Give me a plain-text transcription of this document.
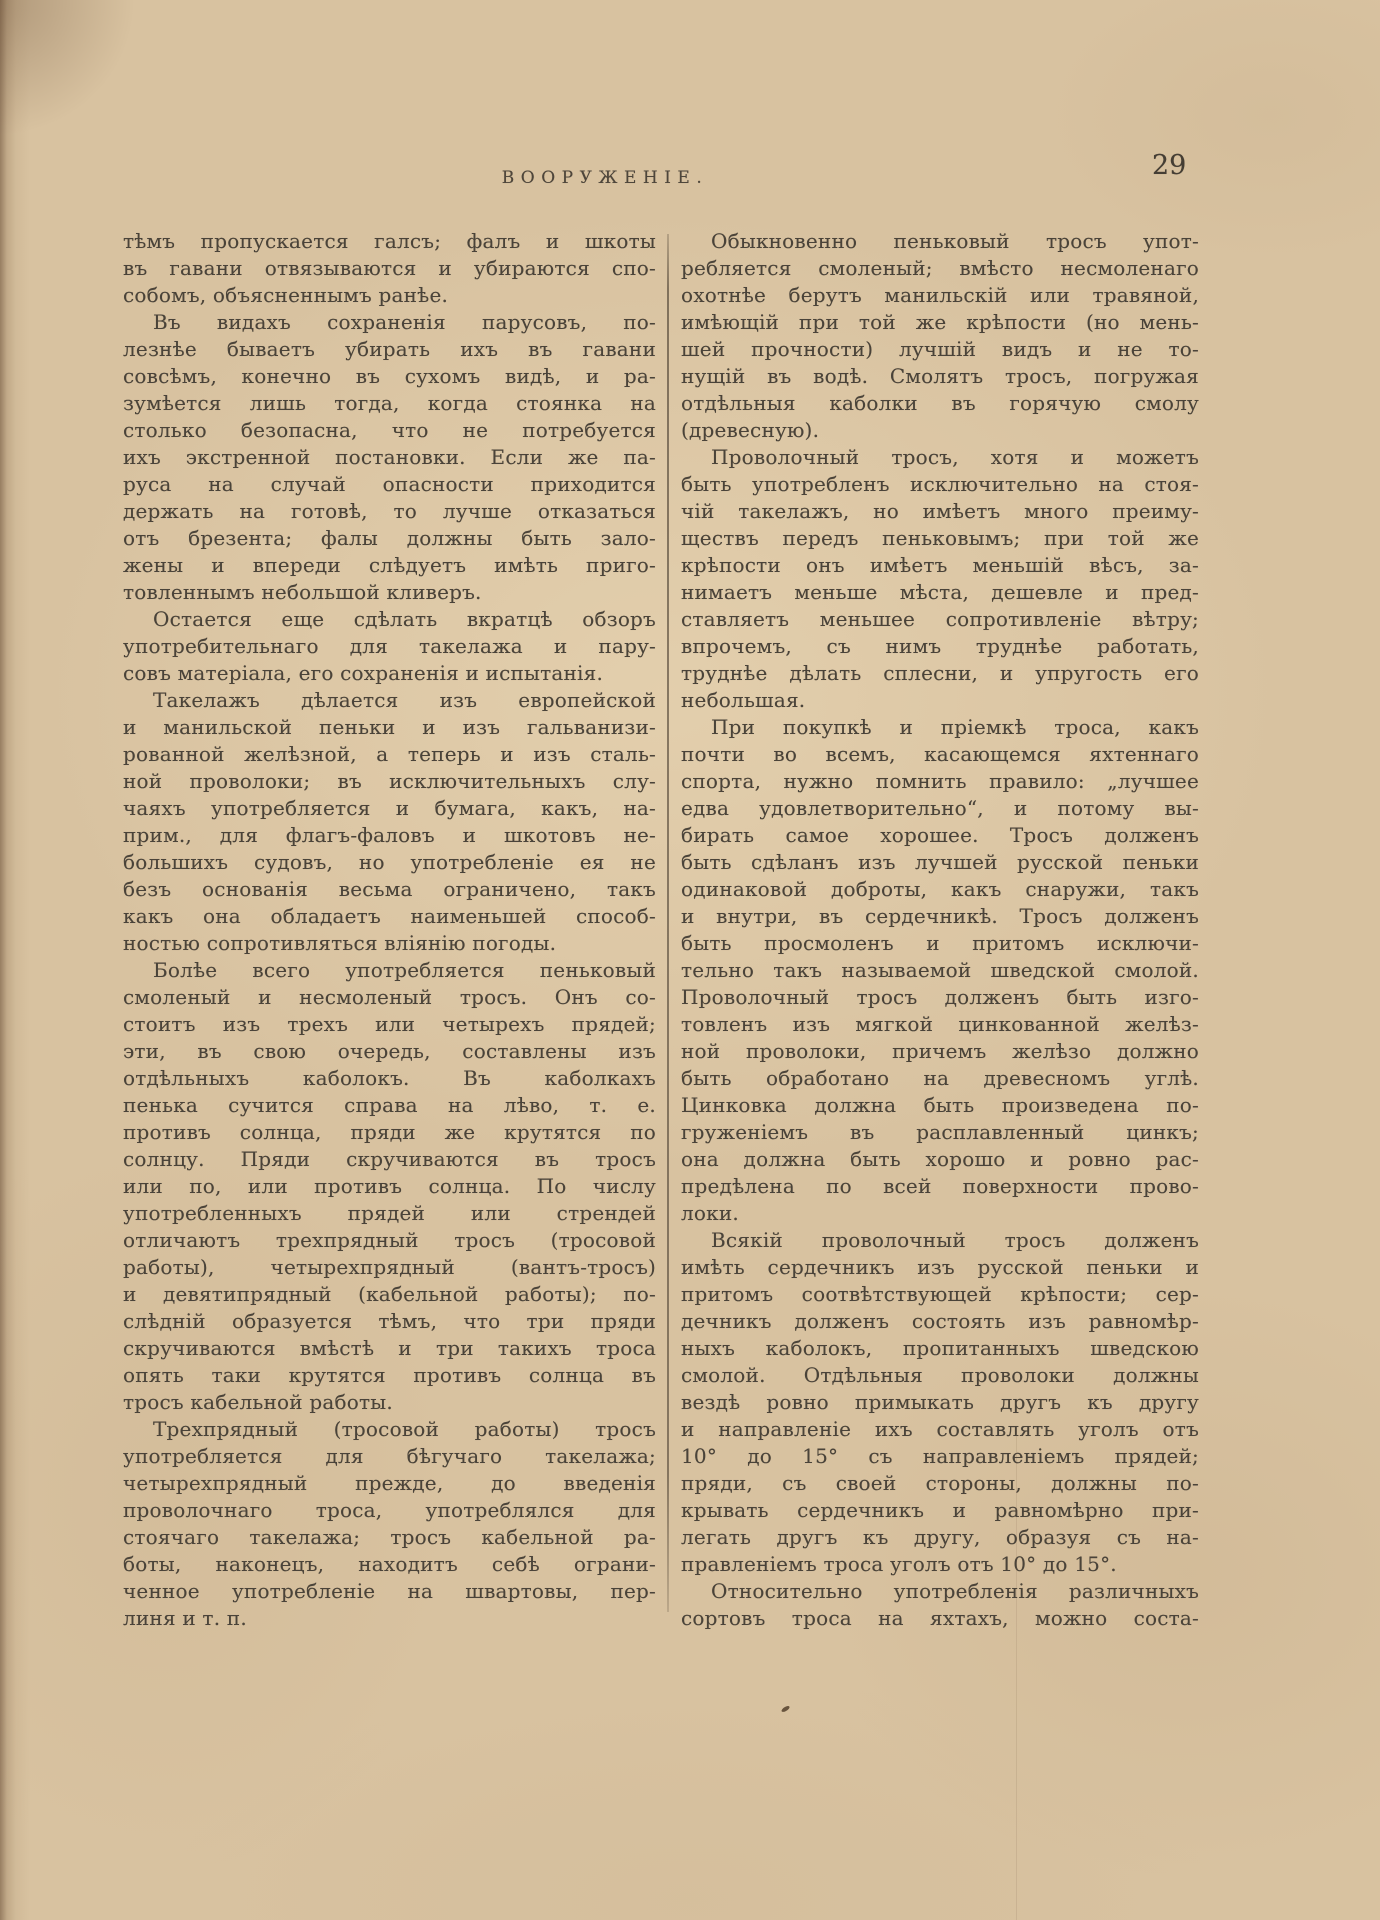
ВООРУЖЕНІЕ.	29
тѣмъ пропускается галсъ; фалъ и шкоты
въ гавани отвязываются и убираются спо-
собомъ, объясненнымъ ранѣе.
Въ видахъ сохраненія парусовъ, по-
лезнѣе бываетъ убирать ихъ въ гавани
совсѣмъ, конечно въ сухомъ видѣ, и ра-
зумѣется лишь тогда, когда стоянка на
столько безопасна, что не потребуется
ихъ экстренной постановки. Если же па-
руса на случай опасности приходится
держать на готовѣ, то лучше отказаться
отъ брезента; фалы должны быть зало-
жены и впереди слѣдуетъ имѣть приго-
товленнымъ небольшой кливеръ.
Остается еще сдѣлать вкратцѣ обзоръ
употребительнаго для такелажа и пару-
совъ матеріала, его сохраненія и испытанія.
Такелажъ дѣлается изъ европейской
и манильской пеньки и изъ гальванизи-
рованной желѣзной, а теперь и изъ сталь-
ной проволоки; въ исключительныхъ слу-
чаяхъ употребляется и бумага, какъ, на-
прим., для флагъ-фаловъ и шкотовъ не-
большихъ судовъ, но употребленіе ея не
безъ основанія весьма ограничено, такъ
какъ она обладаетъ наименьшей способ-
ностью сопротивляться вліянію погоды.
Болѣе всего употребляется пеньковый
смоленый и несмоленый тросъ. Онъ со-
стоитъ изъ трехъ или четырехъ прядей;
эти, въ свою очередь, составлены изъ
отдѣльныхъ каболокъ. Въ каболкахъ
пенька сучится справа на лѣво, т. е.
противъ солнца, пряди же крутятся по
солнцу. Пряди скручиваются въ тросъ
или по, или противъ солнца. По числу
употребленныхъ прядей или стрендей
отличаютъ трехпрядный тросъ (тросовой
работы), четырехпрядный (вантъ-тросъ)
и девятипрядный (кабельной работы); по-
слѣдній образуется тѣмъ, что три пряди
скручиваются вмѣстѣ и три такихъ троса
опять таки крутятся противъ солнца въ
тросъ кабельной работы.
Трехпрядный (тросовой работы) тросъ
употребляется для бѣгучаго такелажа;
четырехпрядный прежде, до введенія
проволочнаго троса, употреблялся для
стоячаго такелажа; тросъ кабельной ра-
боты, наконецъ, находитъ себѣ ограни-
ченное употребленіе на швартовы, пер-
линя и т. п.
Обыкновенно пеньковый тросъ упот-
ребляется смоленый; вмѣсто несмоленаго
охотнѣе берутъ манильскій или травяной,
имѣющій при той же крѣпости (но мень-
шей прочности) лучшій видъ и не то-
нущій въ водѣ. Смолятъ тросъ, погружая
отдѣльныя каболки въ горячую смолу
(древесную).
Проволочный тросъ, хотя и можетъ
быть употребленъ исключительно на стоя-
чій такелажъ, но имѣетъ много преиму-
ществъ передъ пеньковымъ; при той же
крѣпости онъ имѣетъ меньшій вѣсъ, за-
нимаетъ меньше мѣста, дешевле и пред-
ставляетъ меньшее сопротивленіе вѣтру;
впрочемъ, съ нимъ труднѣе работать,
труднѣе дѣлать сплесни, и упругость его
небольшая.
При покупкѣ и пріемкѣ троса, какъ
почти во всемъ, касающемся яхтеннаго
спорта, нужно помнить правило: „лучшее
едва удовлетворительно“, и потому вы-
бирать самое хорошее. Тросъ долженъ
быть сдѣланъ изъ лучшей русской пеньки
одинаковой доброты, какъ снаружи, такъ
и внутри, въ сердечникѣ. Тросъ долженъ
быть просмоленъ и притомъ исключи-
тельно такъ называемой шведской смолой.
Проволочный тросъ долженъ быть изго-
товленъ изъ мягкой цинкованной желѣз-
ной проволоки, причемъ желѣзо должно
быть обработано на древесномъ углѣ.
Цинковка должна быть произведена по-
груженіемъ въ расплавленный цинкъ;
она должна быть хорошо и ровно рас-
предѣлена по всей поверхности прово-
локи.
Всякій проволочный тросъ долженъ
имѣть сердечникъ изъ русской пеньки и
притомъ соотвѣтствующей крѣпости; сер-
дечникъ долженъ состоять изъ равномѣр-
ныхъ каболокъ, пропитанныхъ шведскою
смолой. Отдѣльныя проволоки должны
вездѣ ровно примыкать другъ къ другу
и направленіе ихъ составлять уголъ отъ
10° до 15° съ направленіемъ прядей;
пряди, съ своей стороны, должны по-
крывать сердечникъ и равномѣрно при-
легать другъ къ другу, образуя съ на-
правленіемъ троса уголъ отъ 10° до 15°.
Относительно употребленія различныхъ
сортовъ троса на яхтахъ, можно соста-
